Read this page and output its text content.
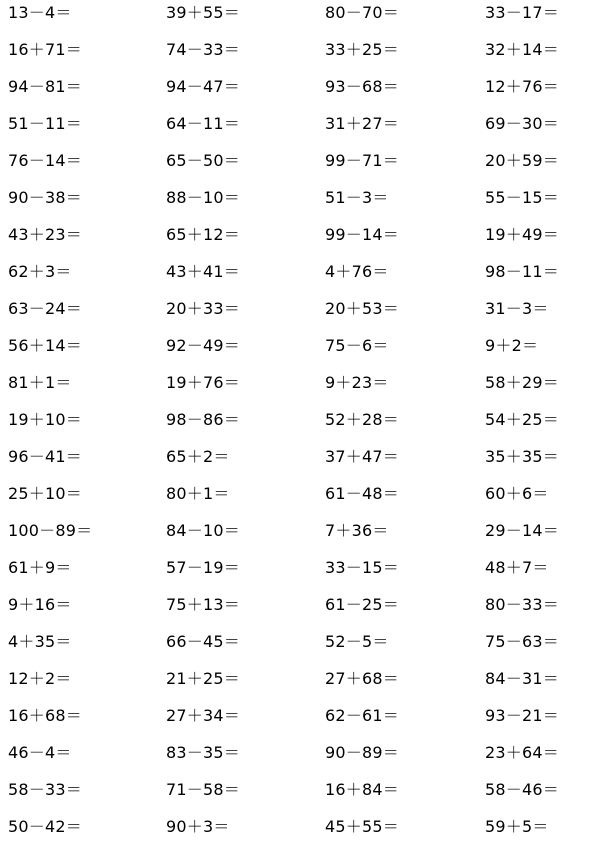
13－4＝	39＋55＝	80－70＝	33－17＝
16＋71＝	74－33＝	33＋25＝	32＋14＝
94－81＝	94－47＝	93－68＝	12＋76＝
51－11＝	64－11＝	31＋27＝	69－30＝
76－14＝	65－50＝	99－71＝	20＋59＝
90－38＝	88－10＝	51－3＝	55－15＝
43＋23＝	65＋12＝	99－14＝	19＋49＝
62＋3＝	43＋41＝	4＋76＝	98－11＝
63－24＝	20＋33＝	20＋53＝	31－3＝
56＋14＝	92－49＝	75－6＝	9＋2＝
81＋1＝	19＋76＝	9＋23＝	58＋29＝
19＋10＝	98－86＝	52＋28＝	54＋25＝
96－41＝	65＋2＝	37＋47＝	35＋35＝
25＋10＝	80＋1＝	61－48＝	60＋6＝
100－89＝	84－10＝	7＋36＝	29－14＝
61＋9＝	57－19＝	33－15＝	48＋7＝
9＋16＝	75＋13＝	61－25＝	80－33＝
4＋35＝	66－45＝	52－5＝	75－63＝
12＋2＝	21＋25＝	27＋68＝	84－31＝
16＋68＝	27＋34＝	62－61＝	93－21＝
46－4＝	83－35＝	90－89＝	23＋64＝
58－33＝	71－58＝	16＋84＝	58－46＝
50－42＝	90＋3＝	45＋55＝	59＋5＝
